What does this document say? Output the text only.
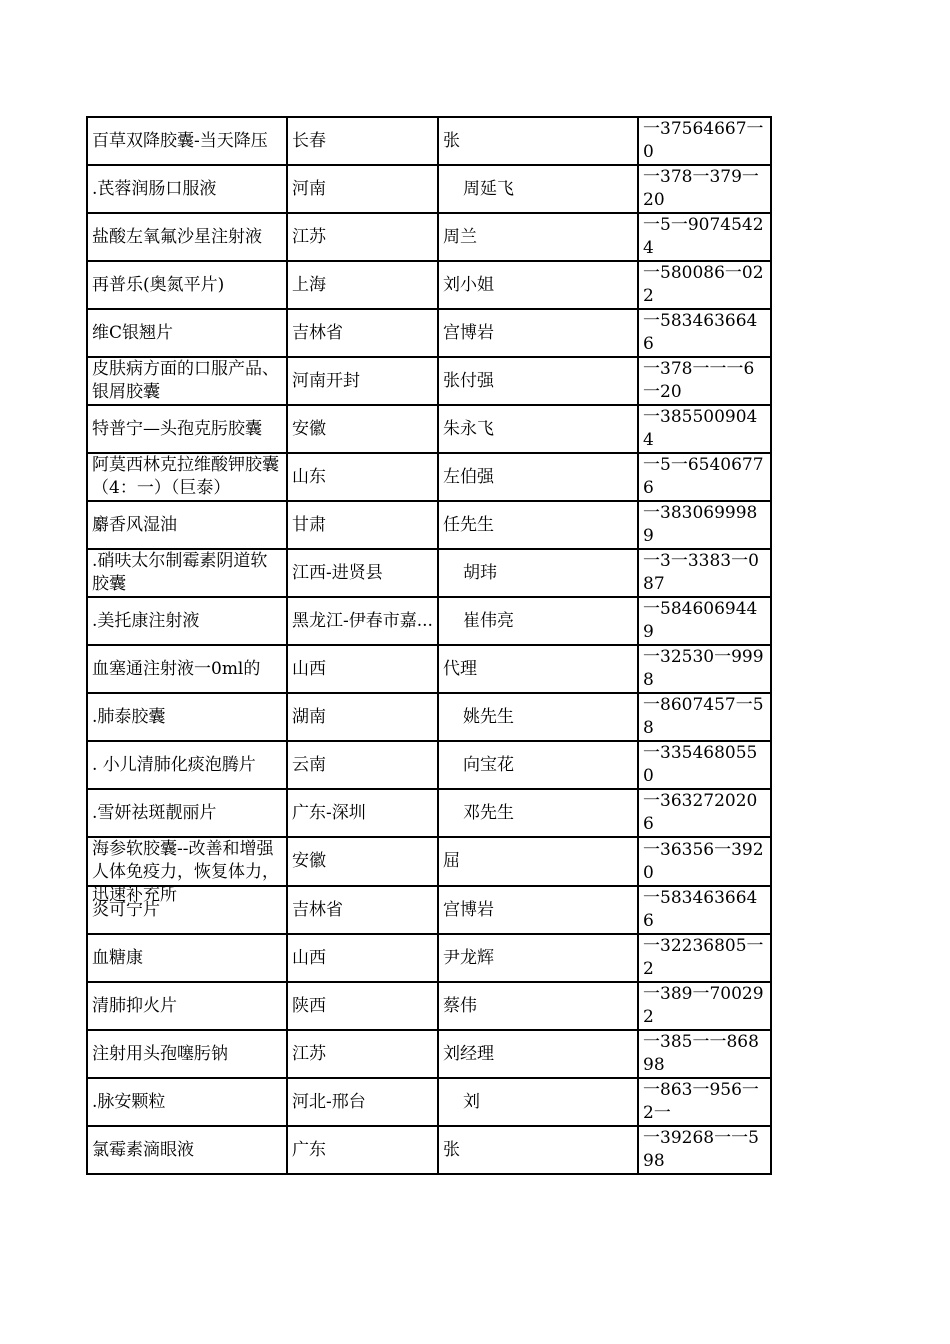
百草双降胶囊-当天降压	长春	张	一37564667一0

.芪蓉润肠口服液	河南	周延飞	一378一379一20

盐酸左氧氟沙星注射液	江苏	周兰	一5一90745424

再普乐(奥氮平片)	上海	刘小姐	一580086一022

维C银翘片	吉林省	宫博岩	一5834636646

皮肤病方面的口服产品、银屑胶囊	河南开封	张付强	一378一一一6一20

特普宁—头孢克肟胶囊	安徽	朱永飞	一3855009044

阿莫西林克拉维酸钾胶囊（4：一）（巨泰）	山东	左伯强	一5一65406776

麝香风湿油	甘肃	任先生	一3830699989

.硝呋太尔制霉素阴道软胶囊	江西-进贤县	胡玮	一3一3383一087

.美托康注射液	黑龙江-伊春市嘉...	崔伟亮	一5846069449

血塞通注射液一0ml的	山西	代理	一32530一9998

.肺泰胶囊	湖南	姚先生	一8607457一58

. 小儿清肺化痰泡腾片	云南	向宝花	一3354680550

.雪妍祛斑靓丽片	广东-深圳	邓先生	一3632720206

海参软胶囊--改善和增强人体免疫力，恢复体力，迅速补充所	安徽	屈	一36356一3920

炎可宁片	吉林省	宫博岩	一5834636646

血糖康	山西	尹龙辉	一32236805一2

清肺抑火片	陕西	蔡伟	一389一700292

注射用头孢噻肟钠	江苏	刘经理	一385一一86898

.脉安颗粒	河北-邢台	刘	一863一956一2一

氯霉素滴眼液	广东	张	一39268一一598
